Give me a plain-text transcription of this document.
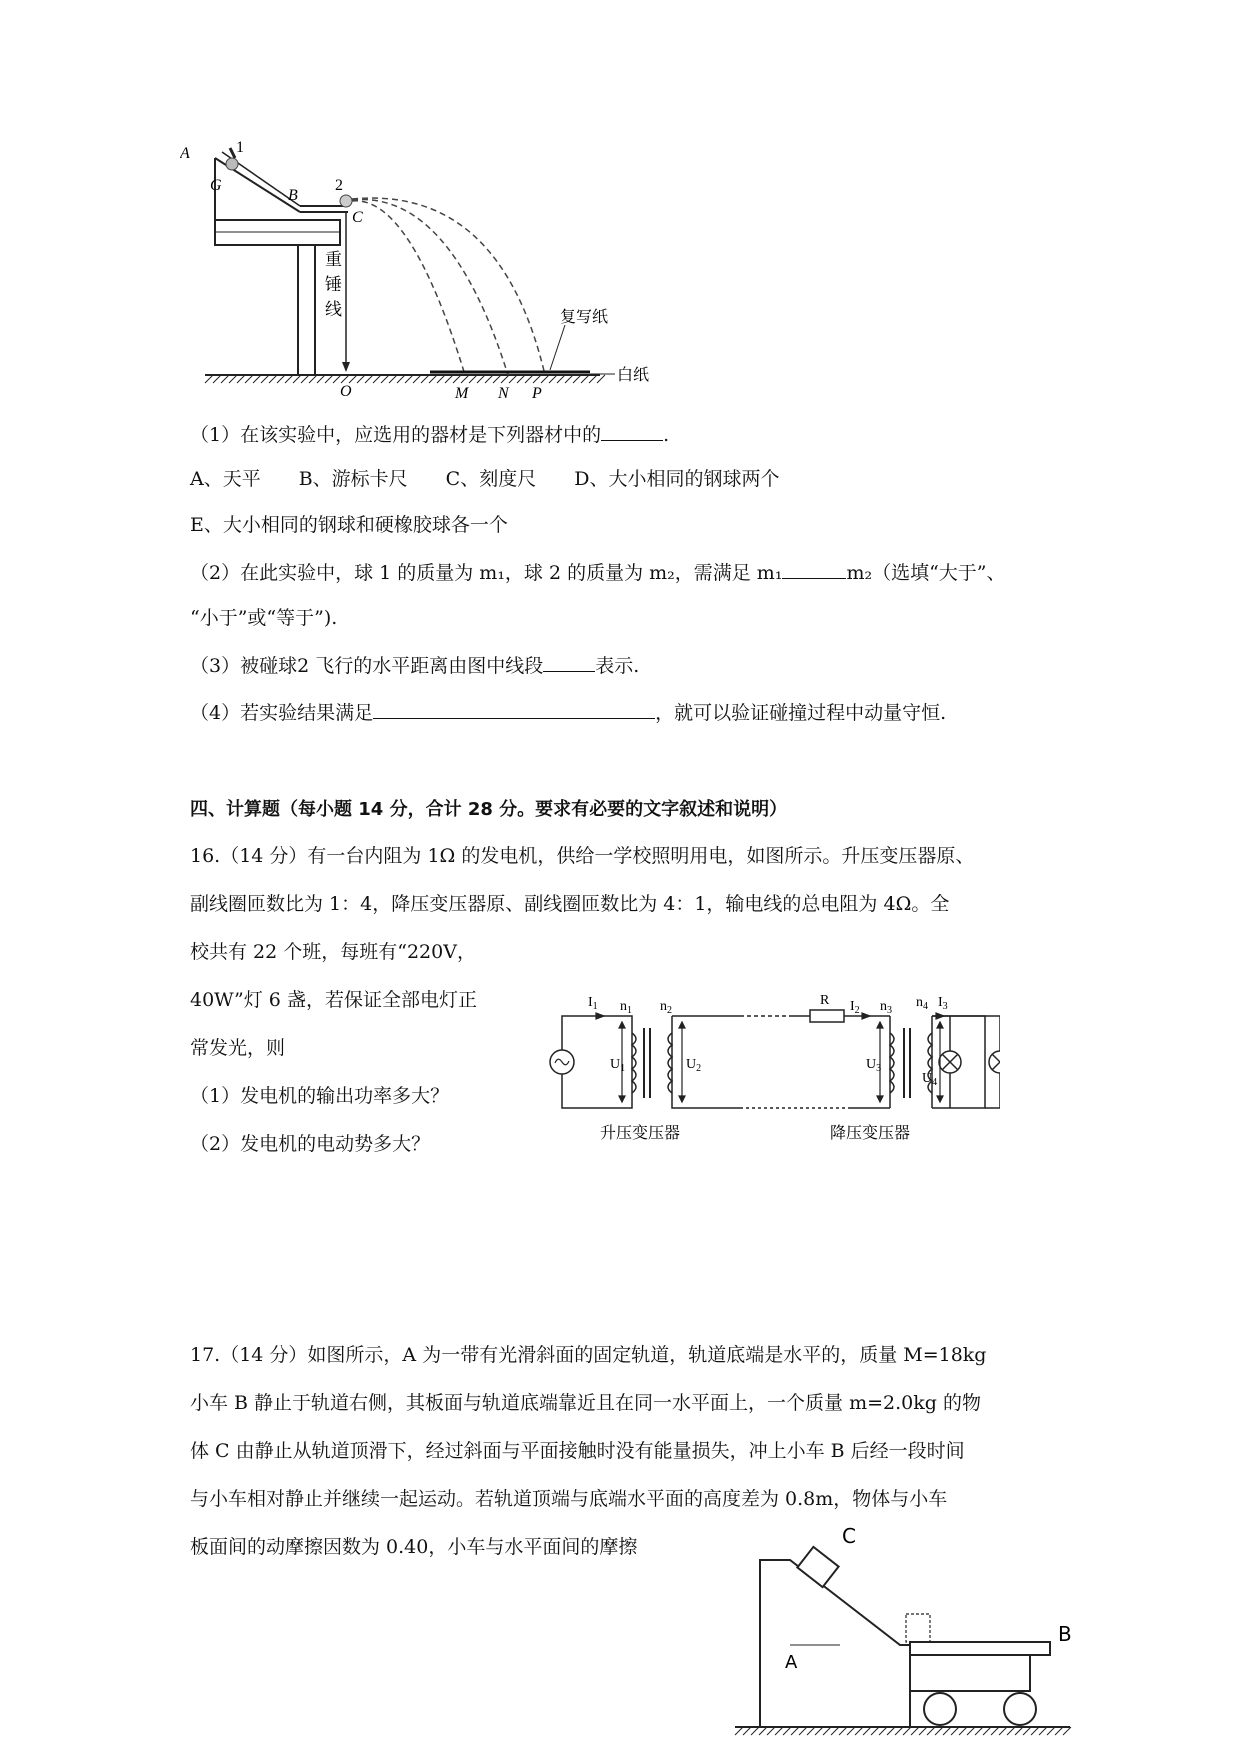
A	1
G
B
2
C
重
锤
线
O	M N P
复写纸
白纸
（1）在该实验中，应选用的器材是下列器材中的	.
A、天平　　B、游标卡尺　　C、刻度尺　　D、大小相同的钢球两个
E、大小相同的钢球和硬橡胶球各一个
（2）在此实验中，球 1 的质量为 m₁，球 2 的质量为 m₂，需满足 m₁	m₂（选填“大于”、
“小于”或“等于”).
（3）被碰球2 飞行的水平距离由图中线段	表示.
（4）若实验结果满足	，就可以验证碰撞过程中动量守恒.
四、计算题（每小题 14 分，合计 28 分。要求有必要的文字叙述和说明）
16.（14 分）有一台内阻为 1Ω 的发电机，供给一学校照明用电，如图所示。升压变压器原、
副线圈匝数比为 1：4，降压变压器原、副线圈匝数比为 4：1，输电线的总电阻为 4Ω。全
校共有 22 个班，每班有“220V，
40W”灯 6 盏，若保证全部电灯正
常发光，则
（1）发电机的输出功率多大？
（2）发电机的电动势多大？
$I_1$ $n_1$ $n_2$
$U_1$	$U_2$
R $I_2$ $n_3$
$n_4$ $I_3$
$U_3$
$U_4$
升压变压器	降压变压器
17.（14 分）如图所示，A 为一带有光滑斜面的固定轨道，轨道底端是水平的，质量 M=18kg
小车 B 静止于轨道右侧，其板面与轨道底端靠近且在同一水平面上，一个质量 m=2.0kg 的物
体 C 由静止从轨道顶滑下，经过斜面与平面接触时没有能量损失，冲上小车 B 后经一段时间
与小车相对静止并继续一起运动。若轨道顶端与底端水平面的高度差为 0.8m，物体与小车
板面间的动摩擦因数为 0.40，小车与水平面间的摩擦	C
A
B
